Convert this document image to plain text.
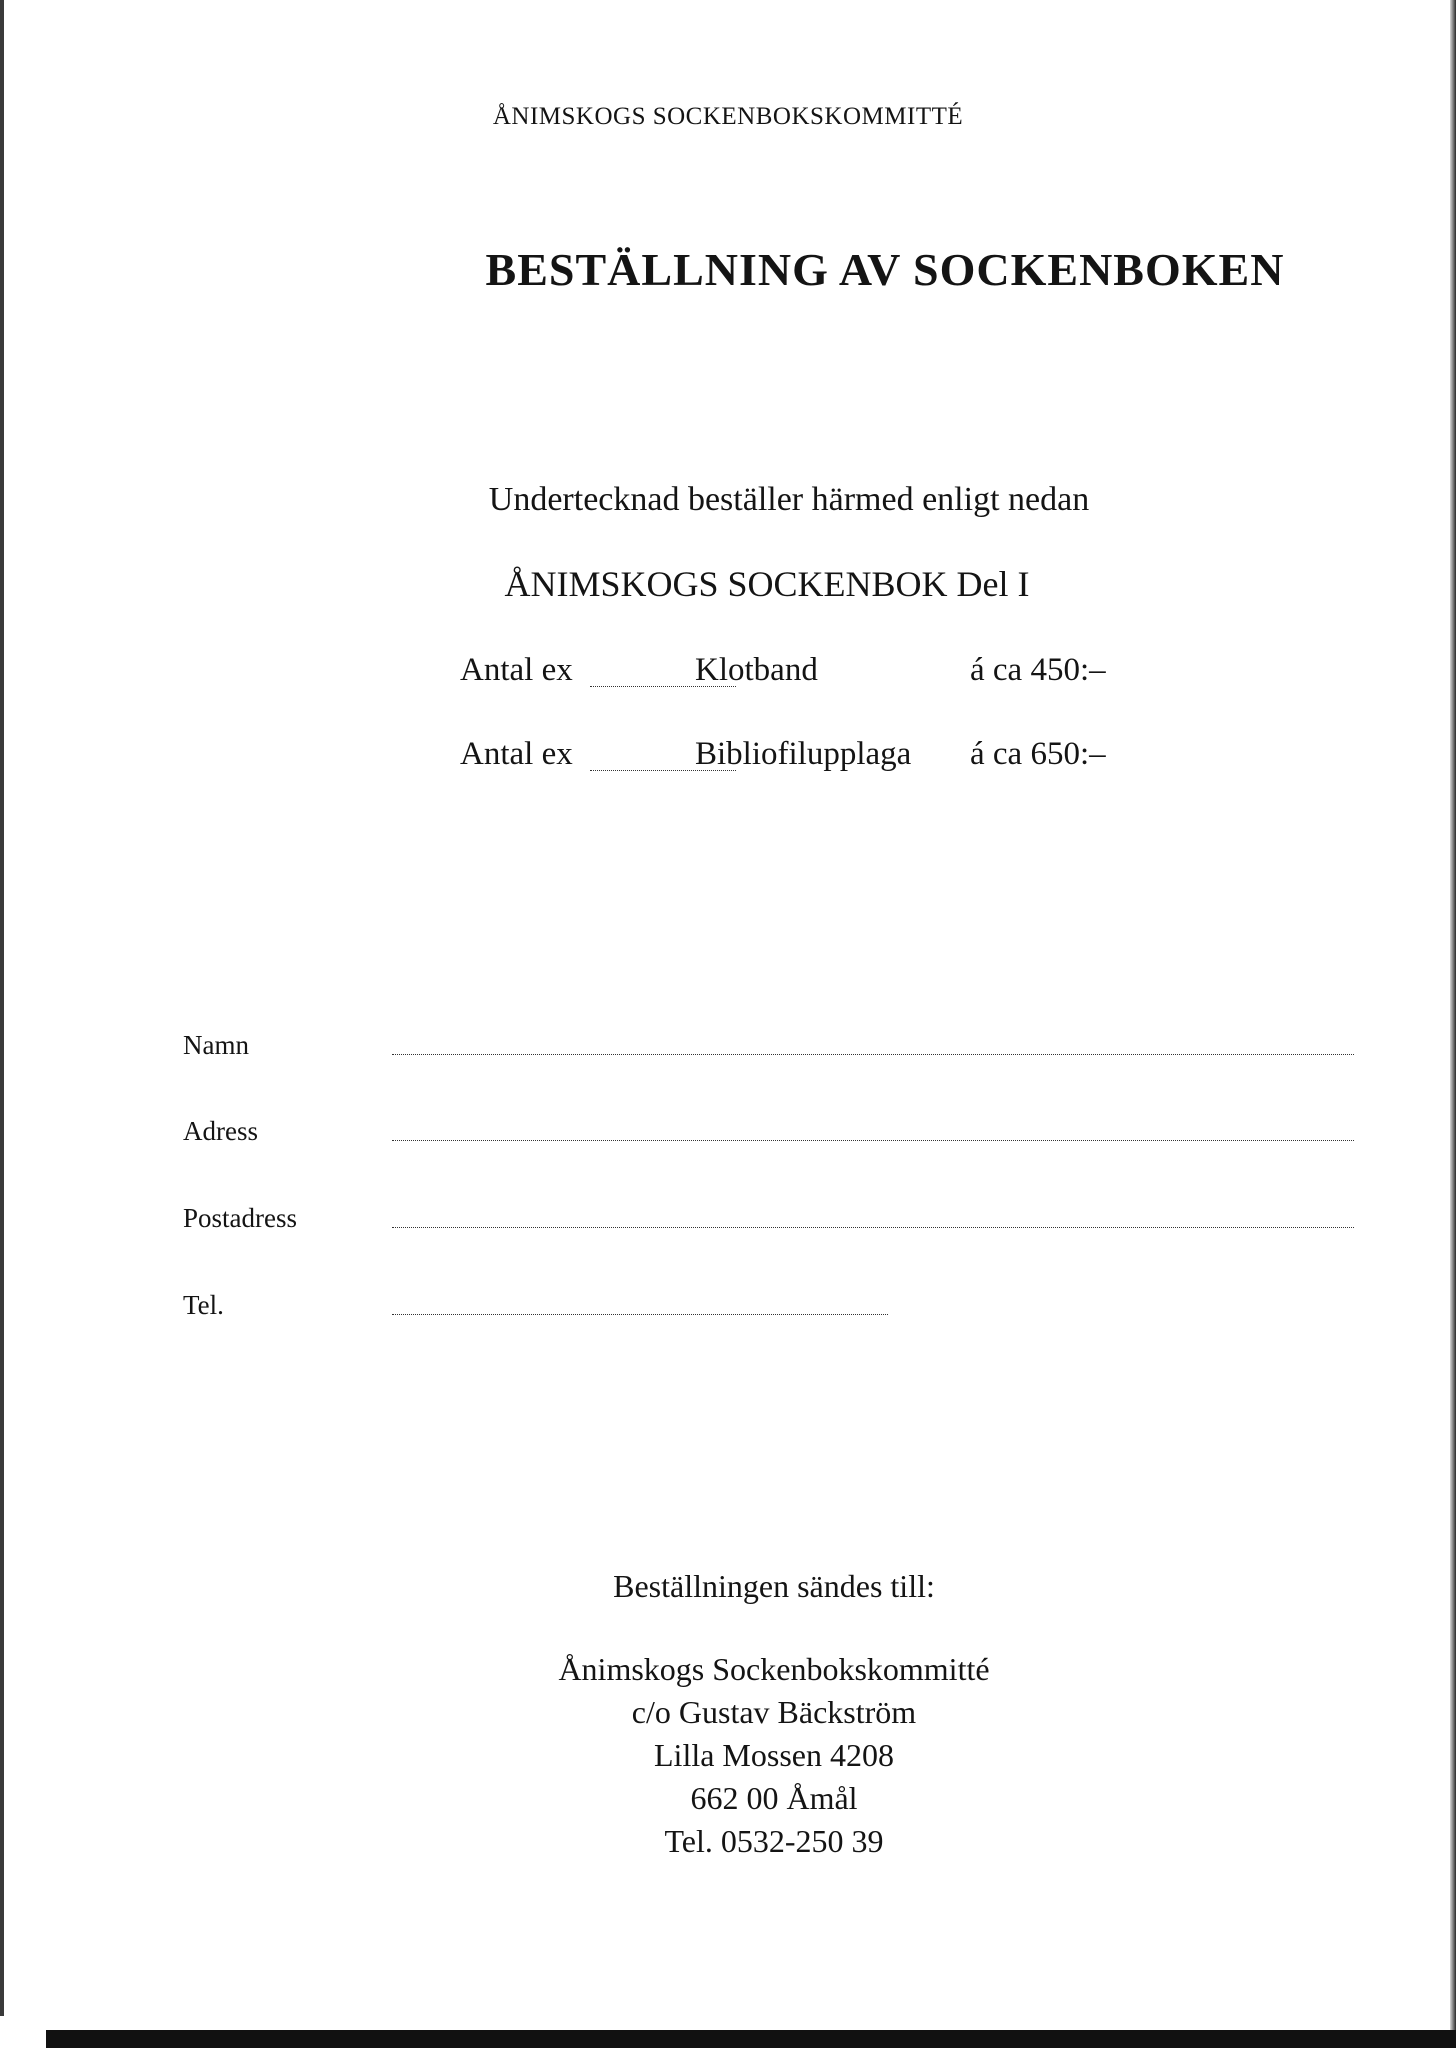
ÅNIMSKOGS SOCKENBOKSKOMMITTÉ
BESTÄLLNING AV SOCKENBOKEN
Undertecknad beställer härmed enligt nedan
ÅNIMSKOGS SOCKENBOK Del I
Antal ex	Klotband	á ca 450:–
Antal ex	Bibliofilupplaga á ca 650:–
Namn
Adress
Postadress
Tel.
Beställningen sändes till:
Ånimskogs Sockenbokskommitté
c/o Gustav Bäckström
Lilla Mossen 4208
662 00 Åmål
Tel. 0532-250 39
